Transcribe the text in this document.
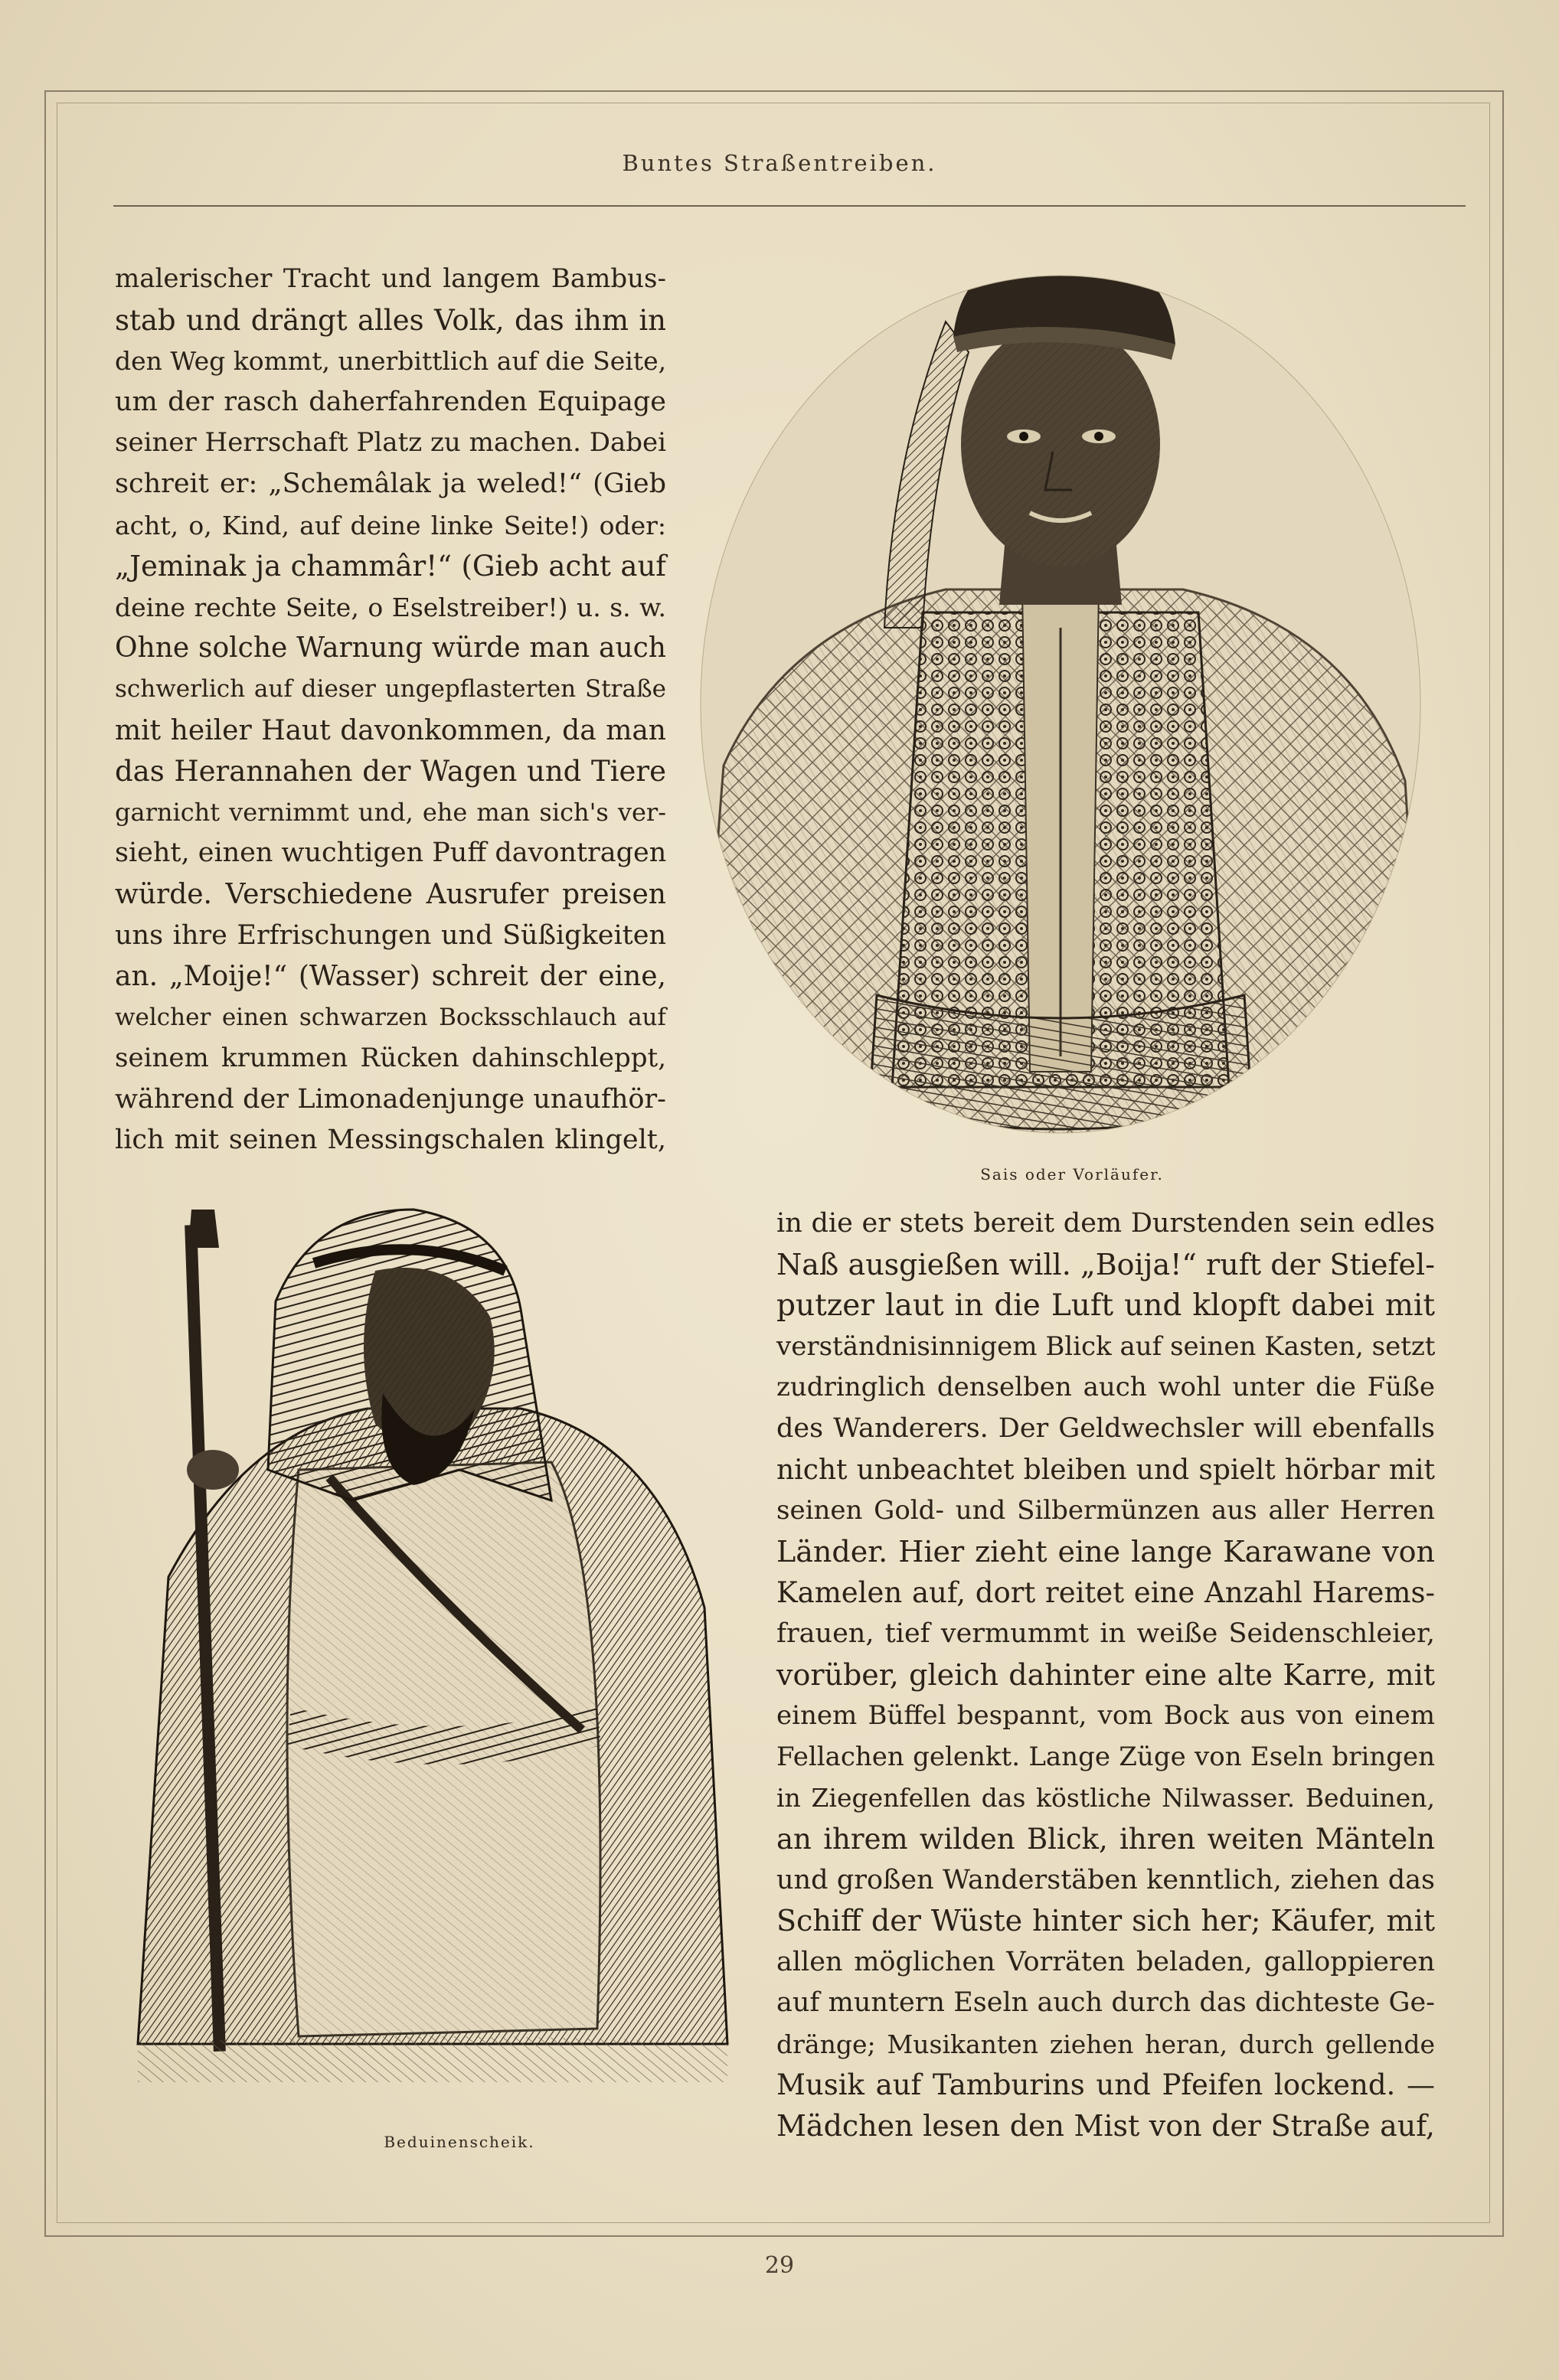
Buntes Straßentreiben.
malerischer Tracht und langem Bambus-
stab und drängt alles Volk, das ihm in
den Weg kommt, unerbittlich auf die Seite,
um der rasch daherfahrenden Equipage
seiner Herrschaft Platz zu machen. Dabei
schreit er: „Schemâlak ja weled!“ (Gieb
acht, o, Kind, auf deine linke Seite!) oder:
„Jeminak ja chammâr!“ (Gieb acht auf
deine rechte Seite, o Eselstreiber!) u. s. w.
Ohne solche Warnung würde man auch
schwerlich auf dieser ungepflasterten Straße
mit heiler Haut davonkommen, da man
das Herannahen der Wagen und Tiere
garnicht vernimmt und, ehe man sich's ver-
sieht, einen wuchtigen Puff davontragen
würde. Verschiedene Ausrufer preisen
uns ihre Erfrischungen und Süßigkeiten
an. „Moije!“ (Wasser) schreit der eine,
welcher einen schwarzen Bocksschlauch auf
seinem krummen Rücken dahinschleppt,
während der Limonadenjunge unaufhör-
lich mit seinen Messingschalen klingelt,
Sais oder Vorläufer.
Beduinenscheik.
in die er stets bereit dem Durstenden sein edles
Naß ausgießen will. „Boija!“ ruft der Stiefel-
putzer laut in die Luft und klopft dabei mit
verständnisinnigem Blick auf seinen Kasten, setzt
zudringlich denselben auch wohl unter die Füße
des Wanderers. Der Geldwechsler will ebenfalls
nicht unbeachtet bleiben und spielt hörbar mit
seinen Gold- und Silbermünzen aus aller Herren
Länder. Hier zieht eine lange Karawane von
Kamelen auf, dort reitet eine Anzahl Harems-
frauen, tief vermummt in weiße Seidenschleier,
vorüber, gleich dahinter eine alte Karre, mit
einem Büffel bespannt, vom Bock aus von einem
Fellachen gelenkt. Lange Züge von Eseln bringen
in Ziegenfellen das köstliche Nilwasser. Beduinen,
an ihrem wilden Blick, ihren weiten Mänteln
und großen Wanderstäben kenntlich, ziehen das
Schiff der Wüste hinter sich her; Käufer, mit
allen möglichen Vorräten beladen, galloppieren
auf muntern Eseln auch durch das dichteste Ge-
dränge; Musikanten ziehen heran, durch gellende
Musik auf Tamburins und Pfeifen lockend. —
Mädchen lesen den Mist von der Straße auf,
29
